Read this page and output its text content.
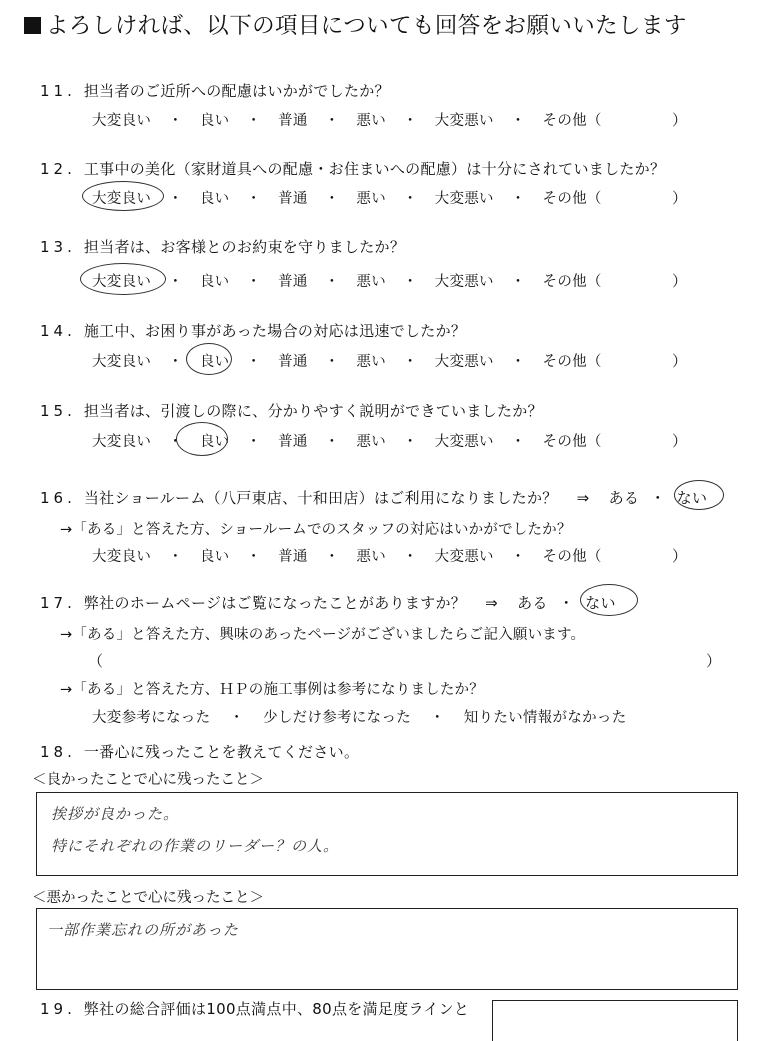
よろしければ、以下の項目についても回答をお願いいたします
11. 担当者のご近所への配慮はいかがでしたか？
大変良い ・ 良い ・ 普通 ・ 悪い ・ 大変悪い ・ その他（	）
12. 工事中の美化（家財道具への配慮・お住まいへの配慮）は十分にされていましたか？
大変良い ・ 良い ・ 普通 ・ 悪い ・ 大変悪い ・ その他（	）
13. 担当者は、お客様とのお約束を守りましたか？
大変良い ・ 良い ・ 普通 ・ 悪い ・ 大変悪い ・ その他（	）
14. 施工中、お困り事があった場合の対応は迅速でしたか？
大変良い ・ 良い ・ 普通 ・ 悪い ・ 大変悪い ・ その他（	）
15. 担当者は、引渡しの際に、分かりやすく説明ができていましたか？
大変良い ・ 良い ・ 普通 ・ 悪い ・ 大変悪い ・ その他（	）
16. 当社ショールーム（八戸東店、十和田店）はご利用になりましたか？ ⇒ ある ・ ない
→「ある」と答えた方、ショールームでのスタッフの対応はいかがでしたか？
大変良い ・ 良い ・ 普通 ・ 悪い ・ 大変悪い ・ その他（	）
17. 弊社のホームページはご覧になったことがありますか？ ⇒ ある ・ ない
→「ある」と答えた方、興味のあったページがございましたらご記入願います。
（	）
→「ある」と答えた方、ＨＰの施工事例は参考になりましたか？
大変参考になった ・ 少しだけ参考になった ・ 知りたい情報がなかった
18. 一番心に残ったことを教えてください。
＜良かったことで心に残ったこと＞
挨拶が良かった。
特にそれぞれの作業のリーダー？の人。
＜悪かったことで心に残ったこと＞
一部作業忘れの所があった
19. 弊社の総合評価は100点満点中、80点を満足度ラインと
